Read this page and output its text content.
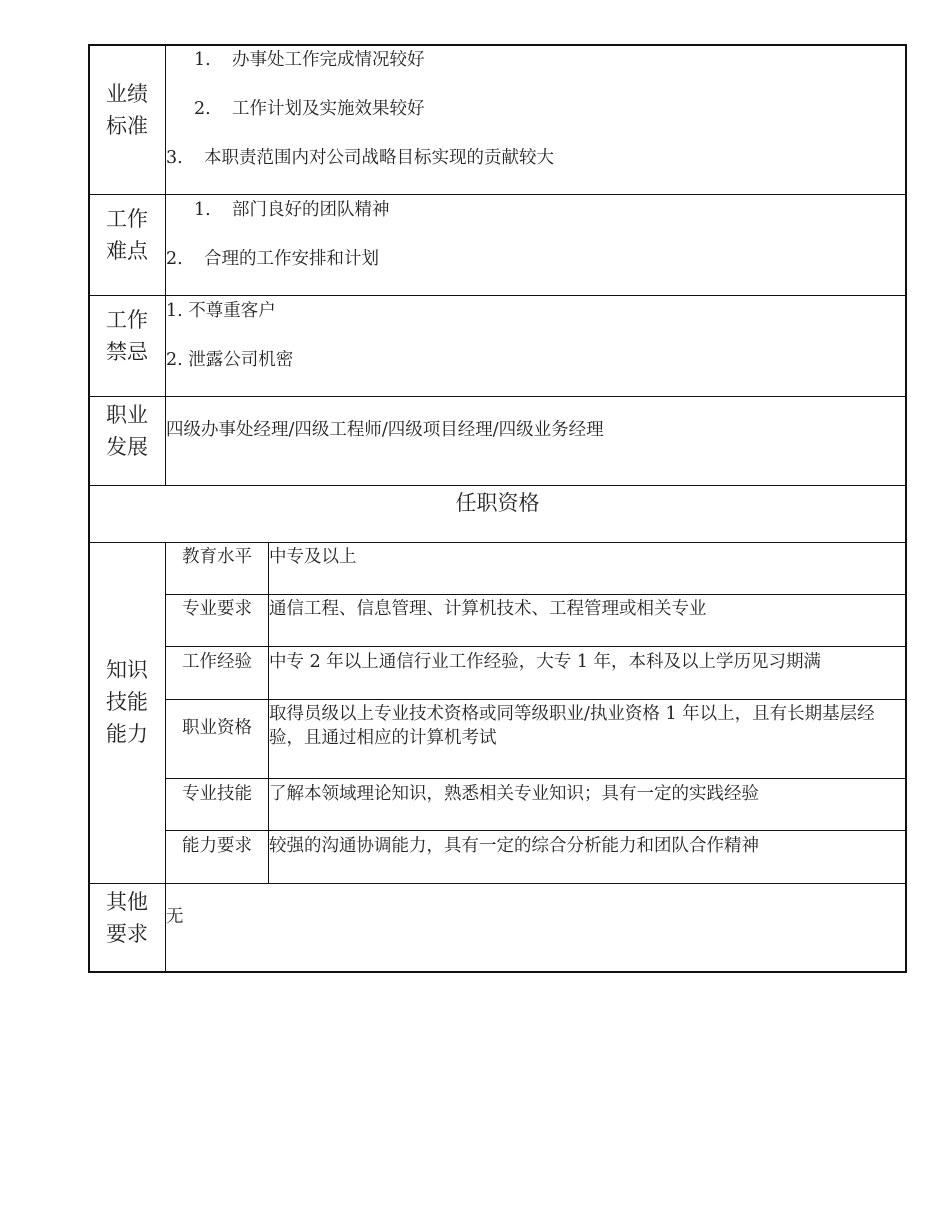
业绩
标准
1. 办事处工作完成情况较好
2. 工作计划及实施效果较好
3. 本职责范围内对公司战略目标实现的贡献较大
工作
难点
1. 部门良好的团队精神
2. 合理的工作安排和计划
工作
禁忌
1. 不尊重客户
2. 泄露公司机密
职业
发展
四级办事处经理/四级工程师/四级项目经理/四级业务经理
任职资格
知识
技能
能力
教育水平 中专及以上
专业要求 通信工程、信息管理、计算机技术、工程管理或相关专业
工作经验 中专 2 年以上通信行业工作经验，大专 1 年，本科及以上学历见习期满
职业资格
取得员级以上专业技术资格或同等级职业/执业资格 1 年以上，且有长期基层经验，且通过相应的计算机考试
专业技能 了解本领域理论知识，熟悉相关专业知识；具有一定的实践经验
能力要求 较强的沟通协调能力，具有一定的综合分析能力和团队合作精神
其他
要求
无
